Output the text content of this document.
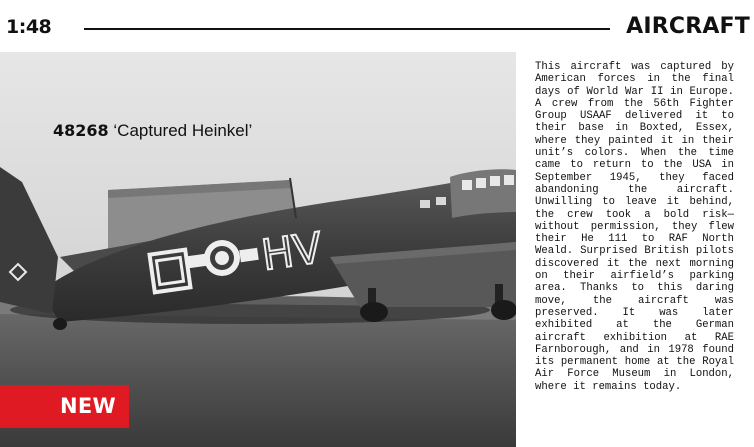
1:48	AIRCRAFT
HV
48268 ‘Captured Heinkel’
NEW
This aircraft was captured by American forces in the final days of World War II in Europe. A crew from the 56th Fighter Group USAAF delivered it to their base in Boxted, Essex, where they painted it in their unit’s colors. When the time came to return to the USA in September 1945, they faced abandoning the aircraft. Unwilling to leave it behind, the crew took a bold risk—without permission, they flew their He 111 to RAF North Weald. Surprised British pilots discovered it the next morning on their airfield’s parking area. Thanks to this daring move, the aircraft was preserved. It was later exhibited at the German aircraft exhibition at RAE Farnborough, and in 1978 found its permanent home at the Royal Air Force Museum in London, where it remains today.
